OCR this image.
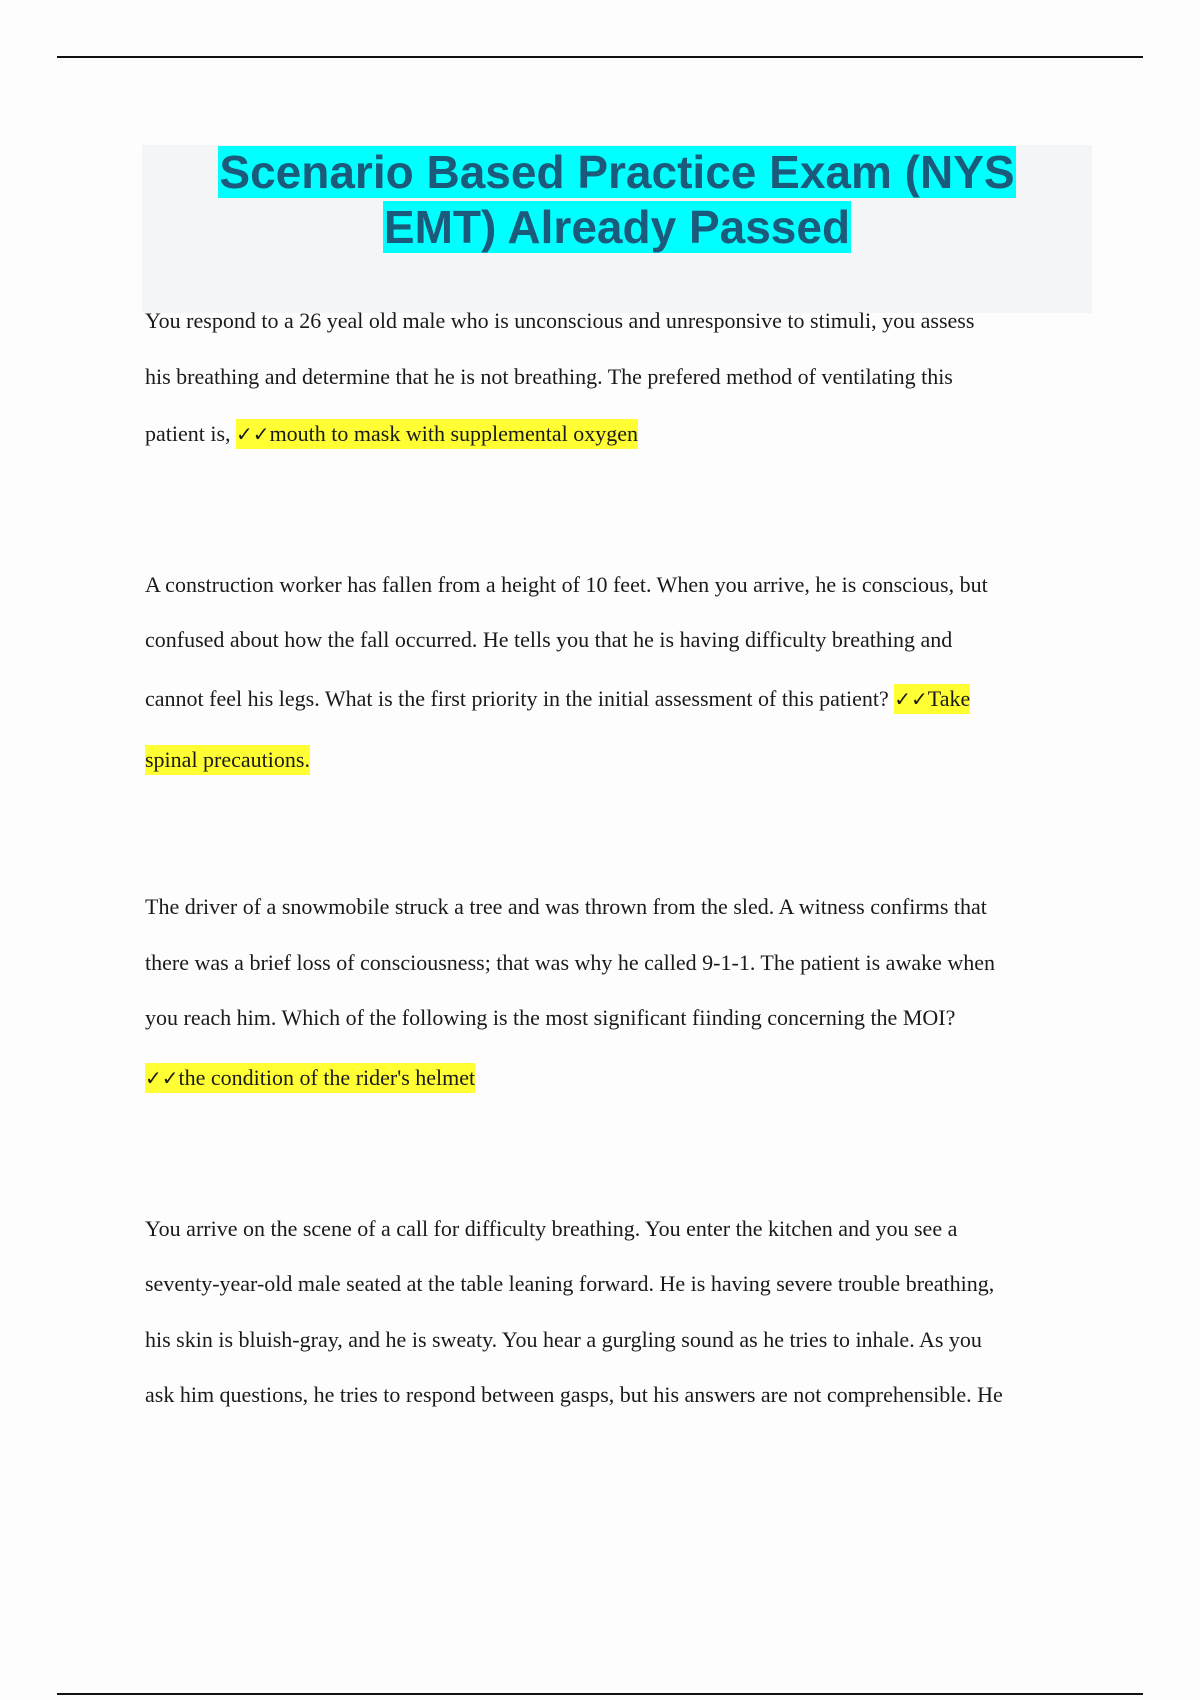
Scenario Based Practice Exam (NYS
EMT) Already Passed
You respond to a 26 yeal old male who is unconscious and unresponsive to stimuli, you assess
his breathing and determine that he is not breathing. The prefered method of ventilating this
patient is, ✓✓mouth to mask with supplemental oxygen
A construction worker has fallen from a height of 10 feet. When you arrive, he is conscious, but
confused about how the fall occurred. He tells you that he is having difficulty breathing and
cannot feel his legs. What is the first priority in the initial assessment of this patient? ✓✓Take
spinal precautions.
The driver of a snowmobile struck a tree and was thrown from the sled. A witness confirms that
there was a brief loss of consciousness; that was why he called 9-1-1. The patient is awake when
you reach him. Which of the following is the most significant fiinding concerning the MOI?
✓✓the condition of the rider's helmet
You arrive on the scene of a call for difficulty breathing. You enter the kitchen and you see a
seventy-year-old male seated at the table leaning forward. He is having severe trouble breathing,
his skin is bluish-gray, and he is sweaty. You hear a gurgling sound as he tries to inhale. As you
ask him questions, he tries to respond between gasps, but his answers are not comprehensible. He
